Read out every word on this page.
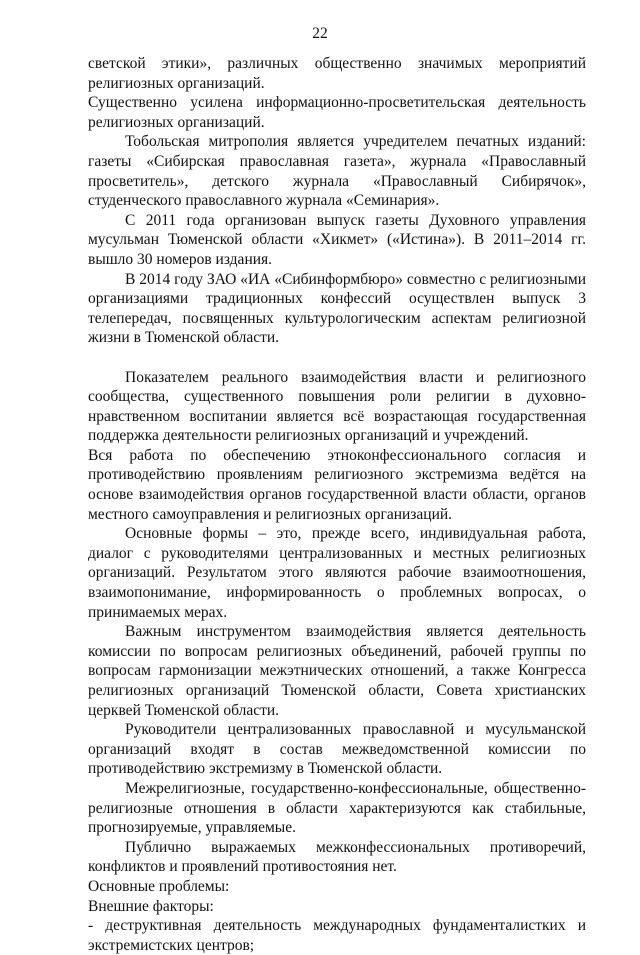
22

светской этики», различных общественно значимых мероприятий религиозных организаций.

Существенно усилена информационно-просветительская деятельность религиозных организаций.

Тобольская митрополия является учредителем печатных изданий: газеты «Сибирская православная газета», журнала «Православный просветитель», детского журнала «Православный Сибирячок», студенческого православного журнала «Семинария».

С 2011 года организован выпуск газеты Духовного управления мусульман Тюменской области «Хикмет» («Истина»). В 2011–2014 гг. вышло 30 номеров издания.

В 2014 году ЗАО «ИА «Сибинформбюро» совместно с религиозными организациями традиционных конфессий осуществлен выпуск 3 телепередач, посвященных культурологическим аспектам религиозной жизни в Тюменской области.

Показателем реального взаимодействия власти и религиозного сообщества, существенного повышения роли религии в духовно-нравственном воспитании является всё возрастающая государственная поддержка деятельности религиозных организаций и учреждений.

Вся работа по обеспечению этноконфессионального согласия и противодействию проявлениям религиозного экстремизма ведётся на основе взаимодействия органов государственной власти области, органов местного самоуправления и религиозных организаций.

Основные формы – это, прежде всего, индивидуальная работа, диалог с руководителями централизованных и местных религиозных организаций. Результатом этого являются рабочие взаимоотношения, взаимопонимание, информированность о проблемных вопросах, о принимаемых мерах.

Важным инструментом взаимодействия является деятельность комиссии по вопросам религиозных объединений, рабочей группы по вопросам гармонизации межэтнических отношений, а также Конгресса религиозных организаций Тюменской области, Совета христианских церквей Тюменской области.

Руководители централизованных православной и мусульманской организаций входят в состав межведомственной комиссии по противодействию экстремизму в Тюменской области.

Межрелигиозные, государственно-конфессиональные, общественно-религиозные отношения в области характеризуются как стабильные, прогнозируемые, управляемые.

Публично выражаемых межконфессиональных противоречий, конфликтов и проявлений противостояния нет.

Основные проблемы:

Внешние факторы:

- деструктивная деятельность международных фундаменталистких и экстремистских центров;
